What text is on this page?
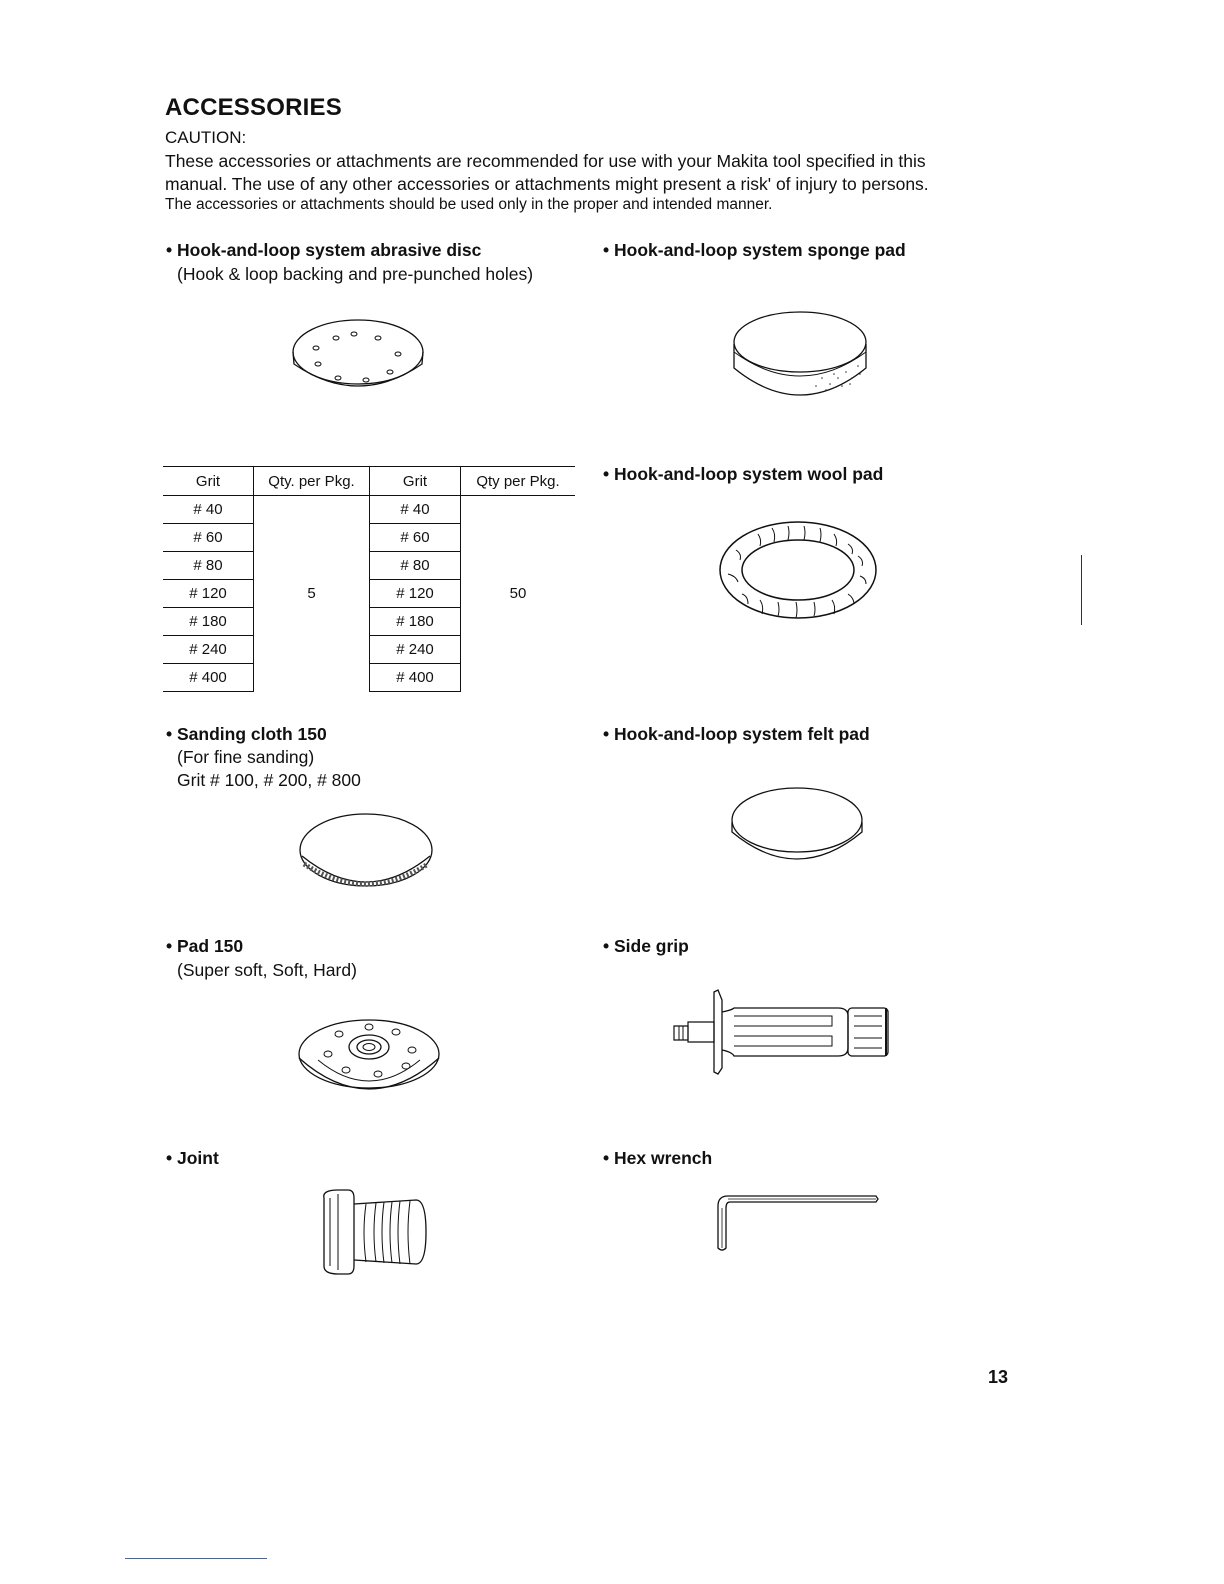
ACCESSORIES
CAUTION:
These accessories or attachments are recommended for use with your Makita tool specified in this
manual. The use of any other accessories or attachments might present a risk' of injury to persons.
The accessories or attachments should be used only in the proper and intended manner.
• Hook-and-loop system abrasive disc
(Hook & loop backing and pre-punched holes)
Grit	Qty. per Pkg.	Grit	Qty per Pkg.
# 40	5	# 40	50
# 60		# 60	
# 80		# 80	
# 120		# 120	
# 180		# 180	
# 240		# 240	
# 400		# 400	
• Sanding cloth 150
(For fine sanding)
Grit # 100, # 200, # 800
• Pad 150
(Super soft, Soft, Hard)
• Joint
• Hook-and-loop system sponge pad
• Hook-and-loop system wool pad
• Hook-and-loop system felt pad
• Side grip
• Hex wrench
13
